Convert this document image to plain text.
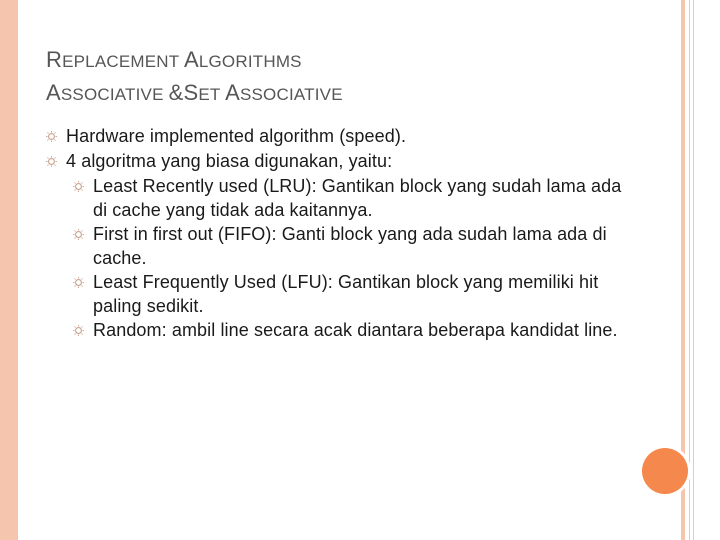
REPLACEMENT ALGORITHMS
ASSOCIATIVE &SET ASSOCIATIVE
Hardware implemented algorithm (speed).
4 algoritma yang biasa digunakan, yaitu:
Least Recently used (LRU): Gantikan block yang sudah lama ada di cache yang tidak ada kaitannya.
First in first out (FIFO): Ganti block yang ada sudah lama ada di cache.
Least Frequently Used (LFU): Gantikan block yang memiliki hit paling sedikit.
Random: ambil line secara acak diantara beberapa kandidat line.
